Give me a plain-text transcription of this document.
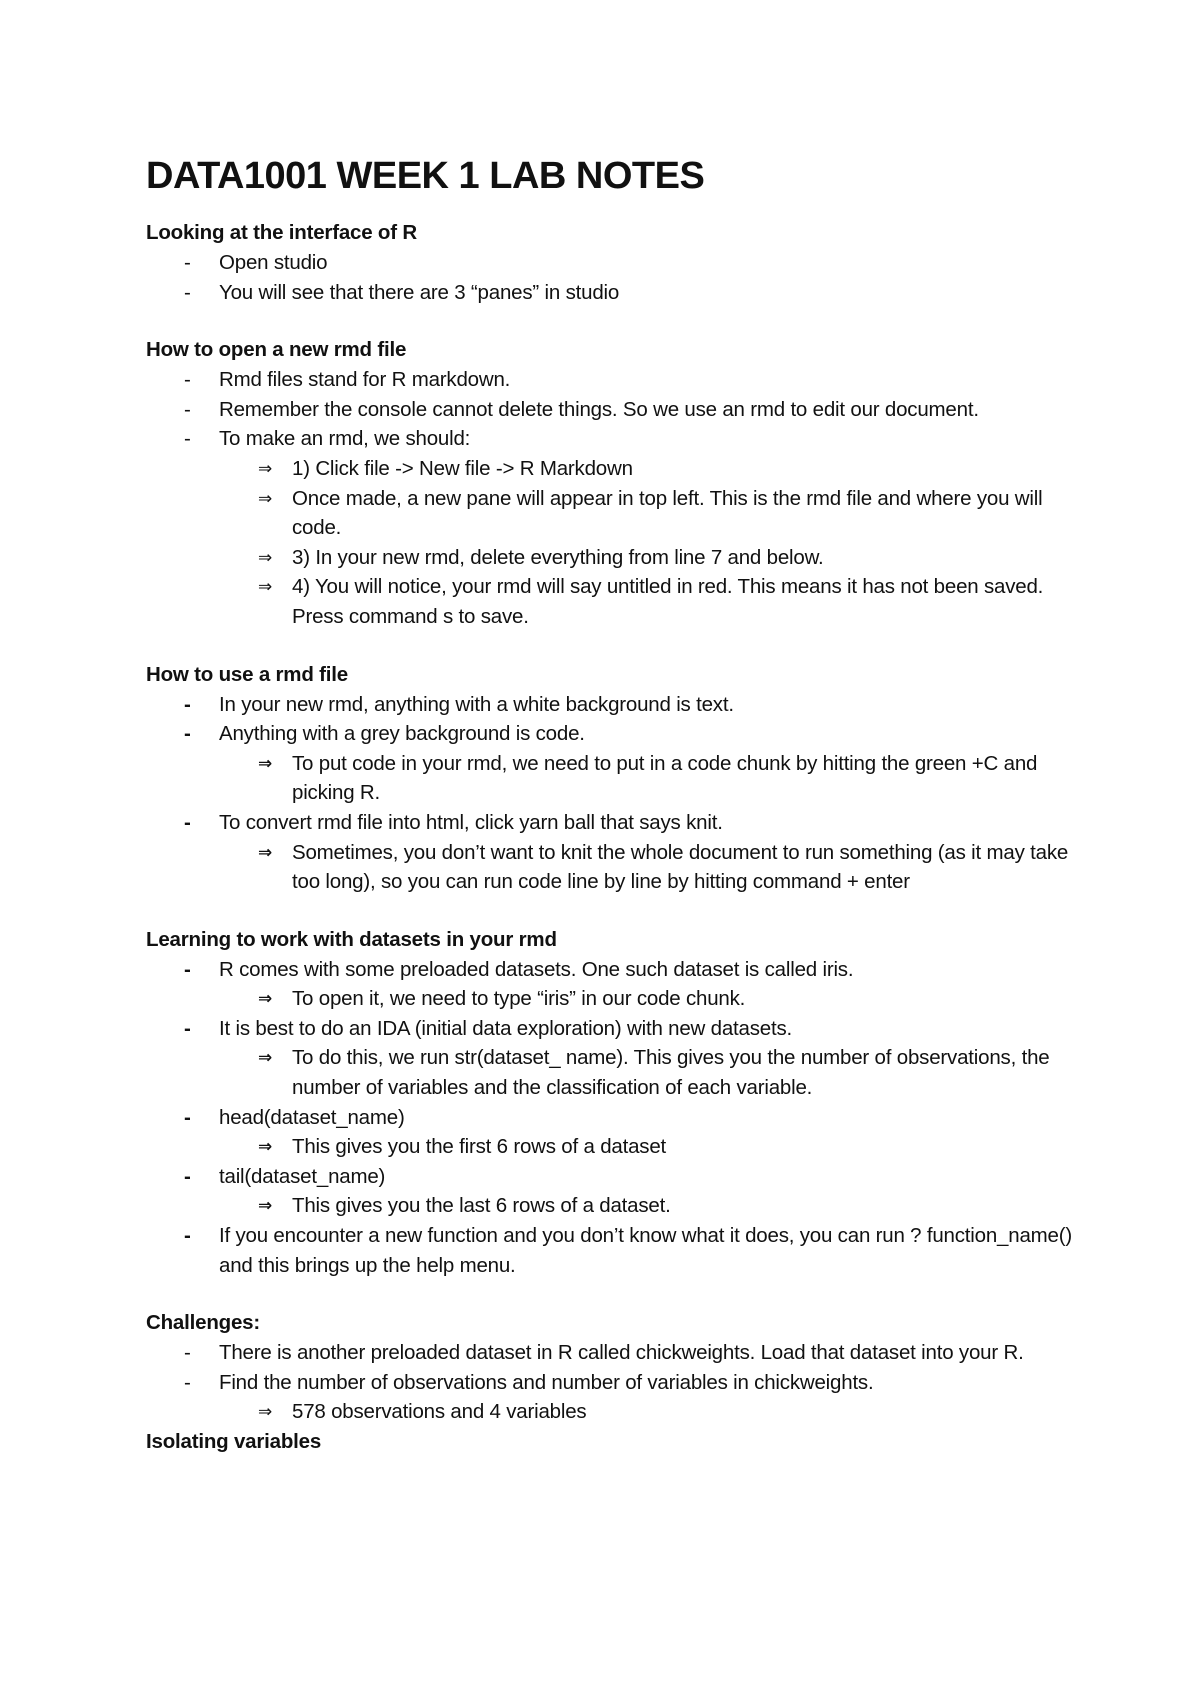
DATA1001 WEEK 1 LAB NOTES
Looking at the interface of R
-	Open studio
-	You will see that there are 3 “panes” in studio
How to open a new rmd file
-	Rmd files stand for R markdown.
-	Remember the console cannot delete things. So we use an rmd to edit our document.
-	To make an rmd, we should:
⇒ 1) Click file -> New file -> R Markdown
⇒ Once made, a new pane will appear in top left. This is the rmd file and where you will code.
⇒ 3) In your new rmd, delete everything from line 7 and below.
⇒ 4) You will notice, your rmd will say untitled in red. This means it has not been saved. Press command s to save.
How to use a rmd file
-	In your new rmd, anything with a white background is text.
-	Anything with a grey background is code.
⇒ To put code in your rmd, we need to put in a code chunk by hitting the green +C and picking R.
-	To convert rmd file into html, click yarn ball that says knit.
⇒ Sometimes, you don’t want to knit the whole document to run something (as it may take too long), so you can run code line by line by hitting command + enter
Learning to work with datasets in your rmd
-	R comes with some preloaded datasets. One such dataset is called iris.
⇒ To open it, we need to type “iris” in our code chunk.
-	It is best to do an IDA (initial data exploration) with new datasets.
⇒ To do this, we run str(dataset_ name). This gives you the number of observations, the number of variables and the classification of each variable.
-	head(dataset_name)
⇒ This gives you the first 6 rows of a dataset
-	tail(dataset_name)
⇒ This gives you the last 6 rows of a dataset.
-	If you encounter a new function and you don’t know what it does, you can run ? function_name() and this brings up the help menu.
Challenges:
-	There is another preloaded dataset in R called chickweights. Load that dataset into your R.
-	Find the number of observations and number of variables in chickweights.
⇒ 578 observations and 4 variables
Isolating variables
